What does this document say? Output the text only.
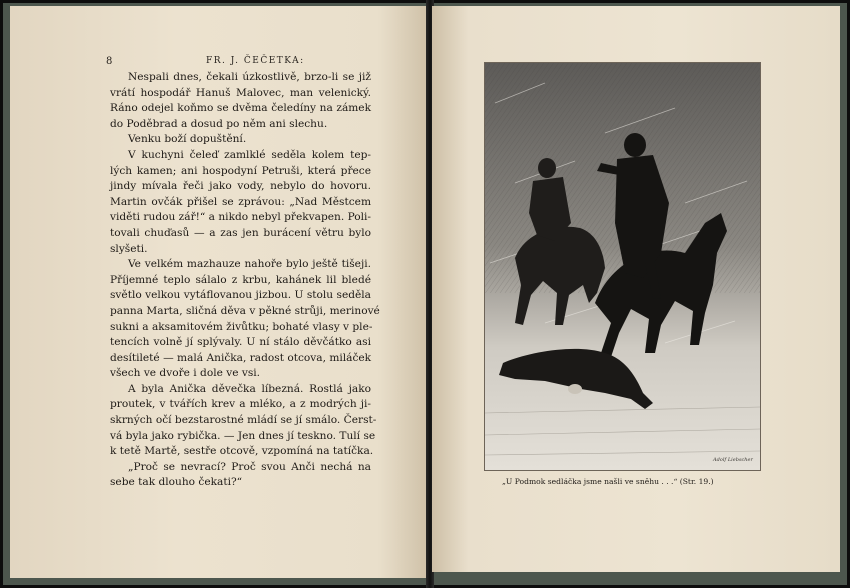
8	FR. J. ČEČETKA:
Nespali dnes, čekali úzkostlivě, brzo-li se již
vrátí hospodář Hanuš Malovec, man velenický.
Ráno odejel koňmo se dvěma čeledíny na zámek
do Poděbrad a dosud po něm ani slechu.
Venku boží dopuštění.
V kuchyni čeleď zamlklé seděla kolem tep-
lých kamen; ani hospodyní Petruši, která přece
jindy mívala řeči jako vody, nebylo do hovoru.
Martin ovčák přišel se zprávou: „Nad Městcem
viděti rudou zář!“ a nikdo nebyl překvapen. Poli-
tovali chuďasů — a zas jen burácení větru bylo
slyšeti.
Ve velkém mazhauze nahoře bylo ještě tišeji.
Příjemné teplo sálalo z krbu, kahánek lil bledé
světlo velkou vytáflovanou jizbou. U stolu seděla
panna Marta, sličná děva v pěkné strůji, merinové
sukni a aksamitovém živůtku; bohaté vlasy v ple-
tencích volně jí splývaly. U ní stálo děvčátko asi
desítileté — malá Anička, radost otcova, miláček
všech ve dvoře i dole ve vsi.
A byla Anička děvečka líbezná. Rostlá jako
proutek, v tvářích krev a mléko, a z modrých ji-
skrných očí bezstarostné mládí se jí smálo. Čerst-
vá byla jako rybička. — Jen dnes jí teskno. Tulí se
k tetě Martě, sestře otcově, vzpomíná na tatíčka.
„Proč se nevrací? Proč svou Anči nechá na
sebe tak dlouho čekati?“
Adolf Liebscher
„U Podmok sedláčka jsme našli ve sněhu . . .“ (Str. 19.)
